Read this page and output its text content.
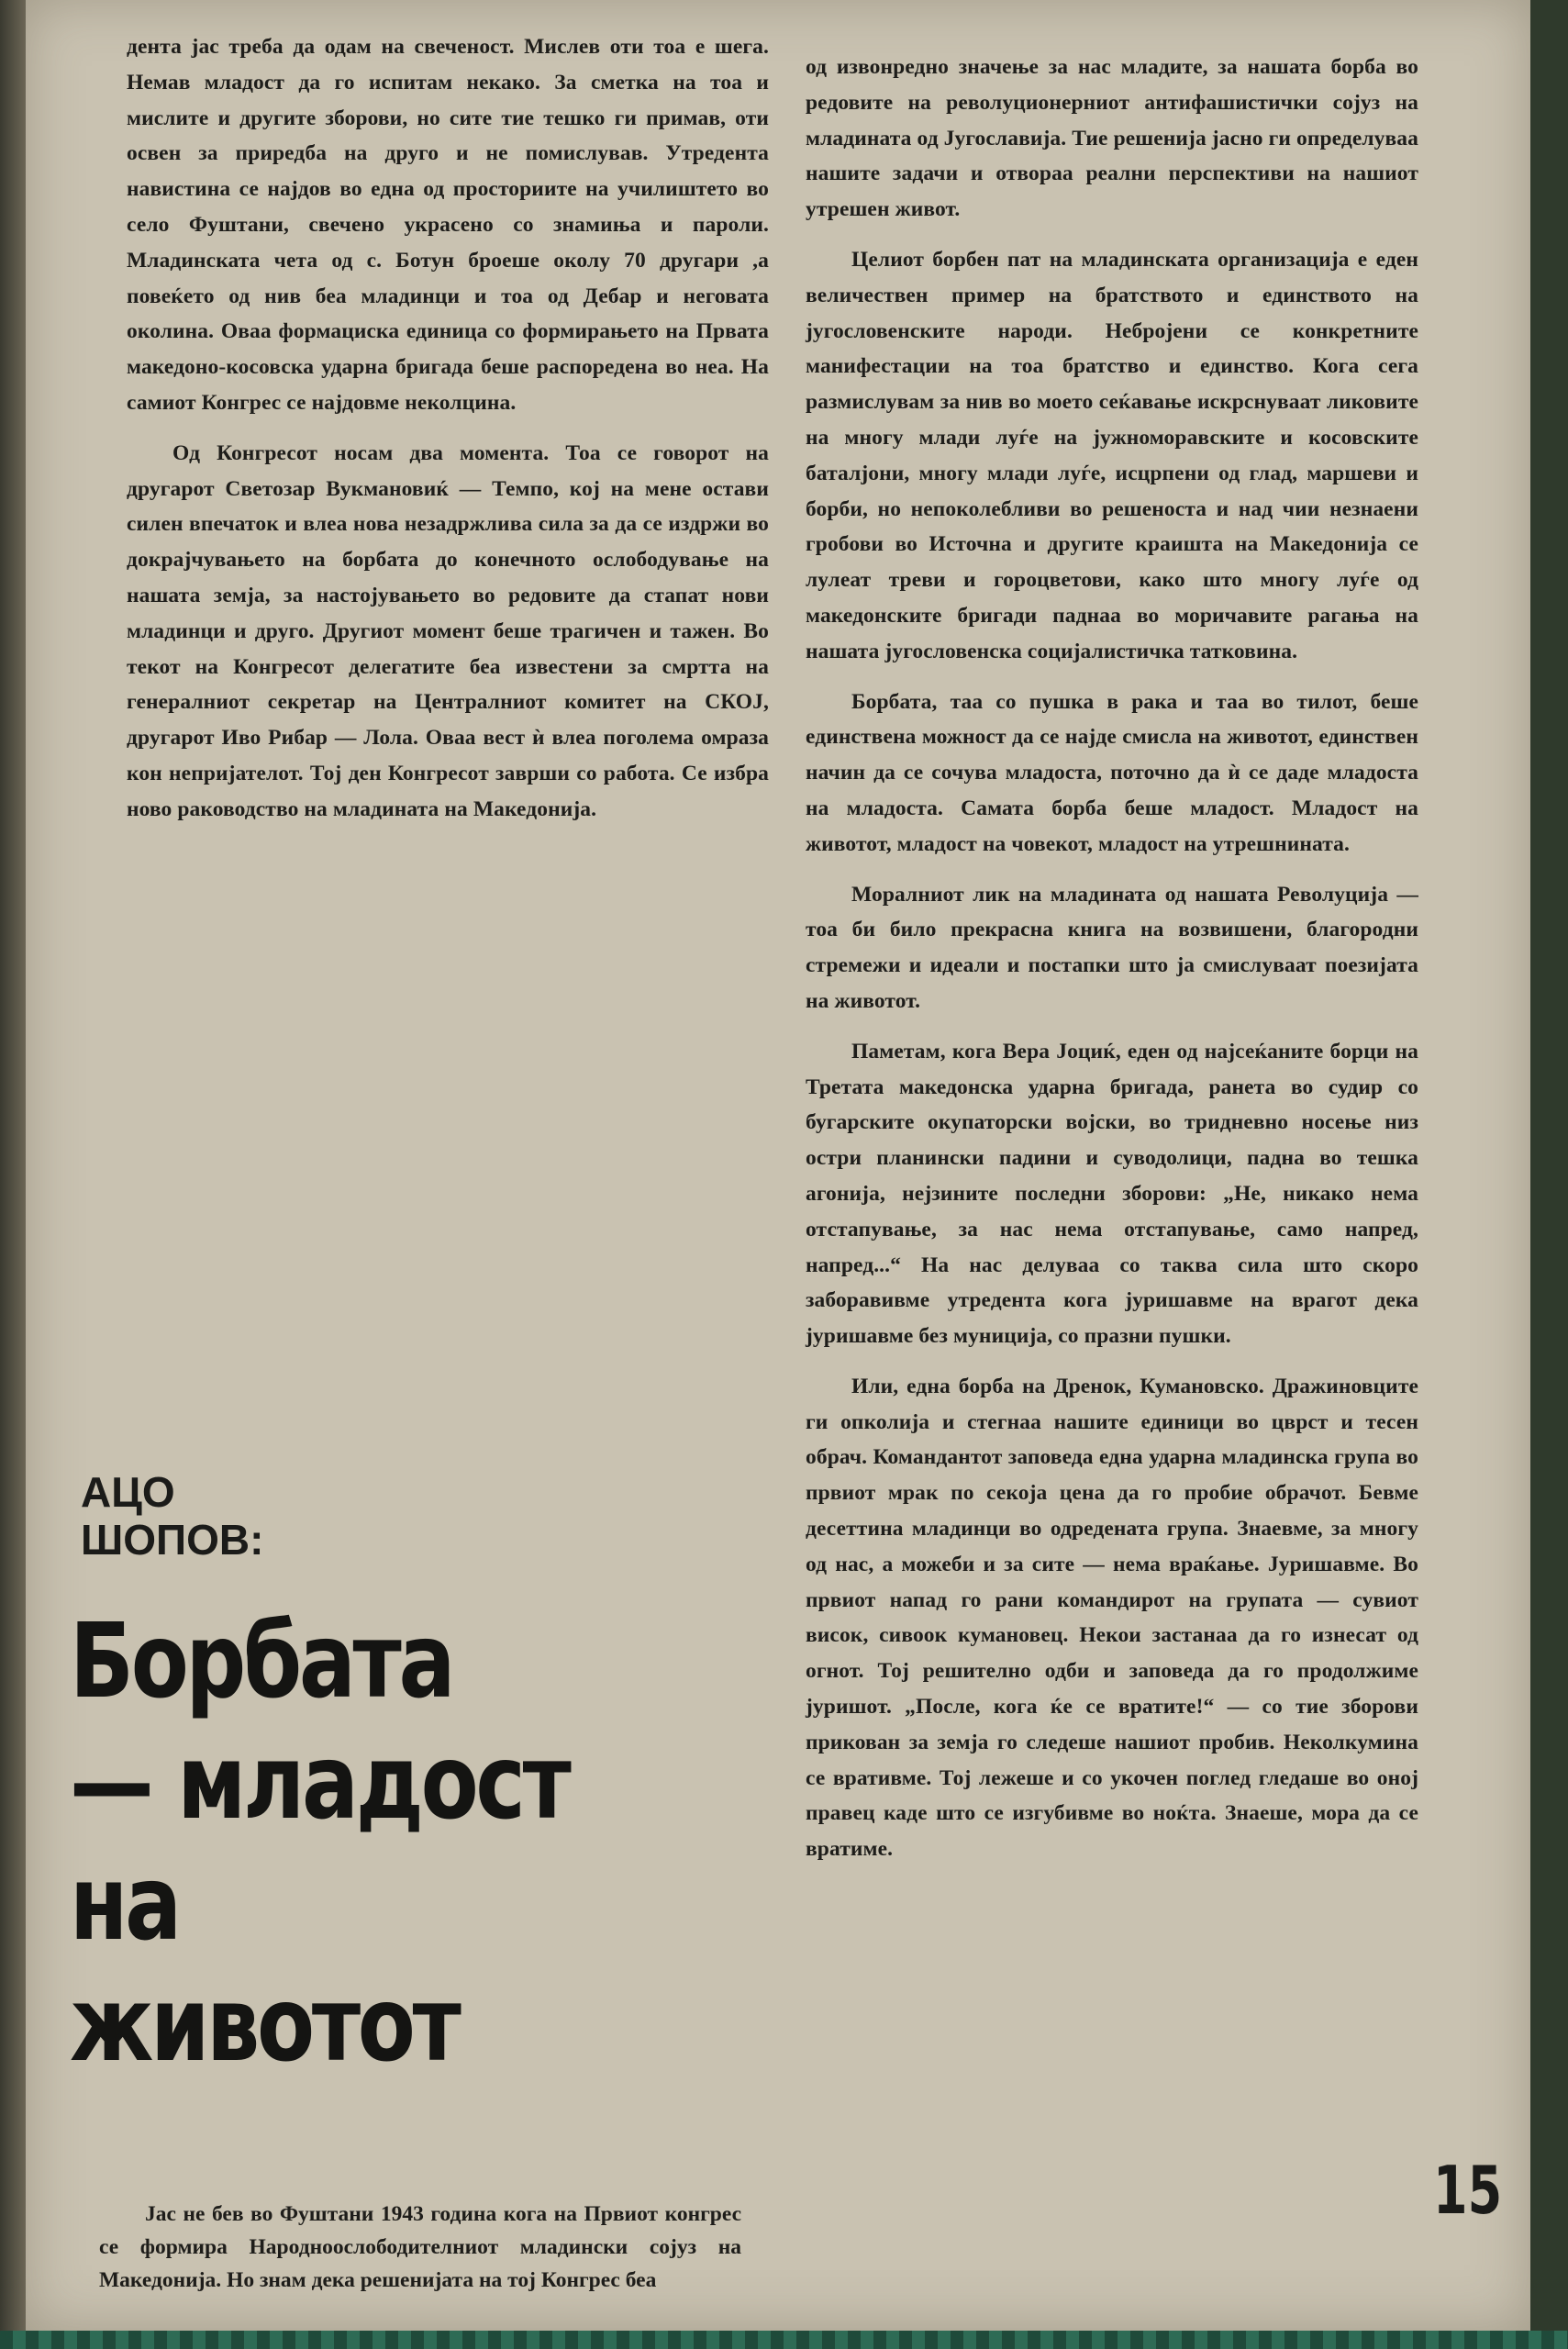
дента јас треба да одам на свеченост. Мислев оти тоа е шега. Немав младост да го испитам некако. За сметка на тоа и мислите и другите зборови, но сите тие тешко ги примав, оти освен за приредба на друго и не помислував. Утредента навистина се најдов во една од просториите на училиштето во село Фуштани, свечено украсено со знамиња и пароли. Младинската чета од с. Ботун броеше околу 70 другари ,а повеќето од нив беа младинци и тоа од Дебар и неговата околина. Оваа формациска единица со формирањето на Првата македоно-косовска ударна бригада беше распоредена во неа. На самиот Конгрес се најдовме неколцина.

Од Конгресот носам два момента. Тоа се говорот на другарот Светозар Вукмановиќ — Темпо, кој на мене остави силен впечаток и влеа нова незадржлива сила за да се издржи во докрајчувањето на борбата до конечното ослободување на нашата земја, за настојувањето во редовите да стапат нови младинци и друго. Другиот момент беше трагичен и тажен. Во текот на Конгресот делегатите беа известени за смртта на генералниот секретар на Централниот комитет на СКОЈ, другарот Иво Рибар — Лола. Оваа вест ѝ влеа поголема омраза кон непријателот. Тој ден Конгресот заврши со работа. Се избра ново раководство на младината на Македонија.

од извонредно значење за нас младите, за нашата борба во редовите на револуционерниот антифашистички сојуз на младината од Југославија. Тие решенија јасно ги определуваа нашите задачи и отвораа реални перспективи на нашиот утрешен живот.

Целиот борбен пат на младинската организација е еден величествен пример на братството и единството на југословенските народи. Небројени се конкретните манифестации на тоа братство и единство. Кога сега размислувам за нив во моето сеќавање искрснуваат ликовите на многу млади луѓе на јужноморавските и косовските баталјони, многу млади луѓе, исцрпени од глад, маршеви и борби, но непоколебливи во решеноста и над чии незнаени гробови во Источна и другите краишта на Македонија се лулеат треви и гороцветови, како што многу луѓе од македонските бригади паднаа во моричавите рагања на нашата југословенска социјалистичка татковина.

Борбата, таа со пушка в рака и таа во тилот, беше единствена можност да се најде смисла на животот, единствен начин да се сочува младоста, поточно да ѝ се даде младоста на младоста. Самата борба беше младост. Младост на животот, младост на човекот, младост на утрешнината.

Моралниот лик на младината од нашата Револуција — тоа би било прекрасна книга на возвишени, благородни стремежи и идеали и постапки што ја смислуваат поезијата на животот.

Паметам, кога Вера Јоциќ, еден од најсеќаните борци на Третата македонска ударна бригада, ранета во судир со бугарските окупаторски војски, во тридневно носење низ остри планински падини и суводолици, падна во тешка агонија, нејзините последни зборови: „Не, никако нема отстапување, за нас нема отстапување, само напред, напред...“ На нас делуваа со таква сила што скоро заборавивме утредента кога јуришавме на врагот дека јуришавме без муниција, со празни пушки.

Или, една борба на Дренок, Кумановско. Дражиновците ги опколија и стегнаа нашите единици во цврст и тесен обрач. Командантот заповеда една ударна младинска група во првиот мрак по секоја цена да го пробие обрачот. Бевме десеттина младинци во одредената група. Знаевме, за многу од нас, а можеби и за сите — нема враќање. Јуришавме. Во првиот напад го рани командирот на групата — сувиот висок, сивоок кумановец. Некои застанаа да го изнесат од огнот. Тој решително одби и заповеда да го продолжиме јуришот. „После, кога ќе се вратите!“ — со тие зборови прикован за земја го следеше нашиот пробив. Неколкумина се вративме. Тој лежеше и со укочен поглед гледаше во оној правец каде што се изгубивме во ноќта. Знаеше, мора да се вратиме.

АЦО
ШОПОВ:
Борбата
— младост
на
животот

Јас не бев во Фуштани 1943 година кога на Првиот конгрес се формира Народноослободителниот младински сојуз на Македонија. Но знам дека решенијата на тој Конгрес беа

15
